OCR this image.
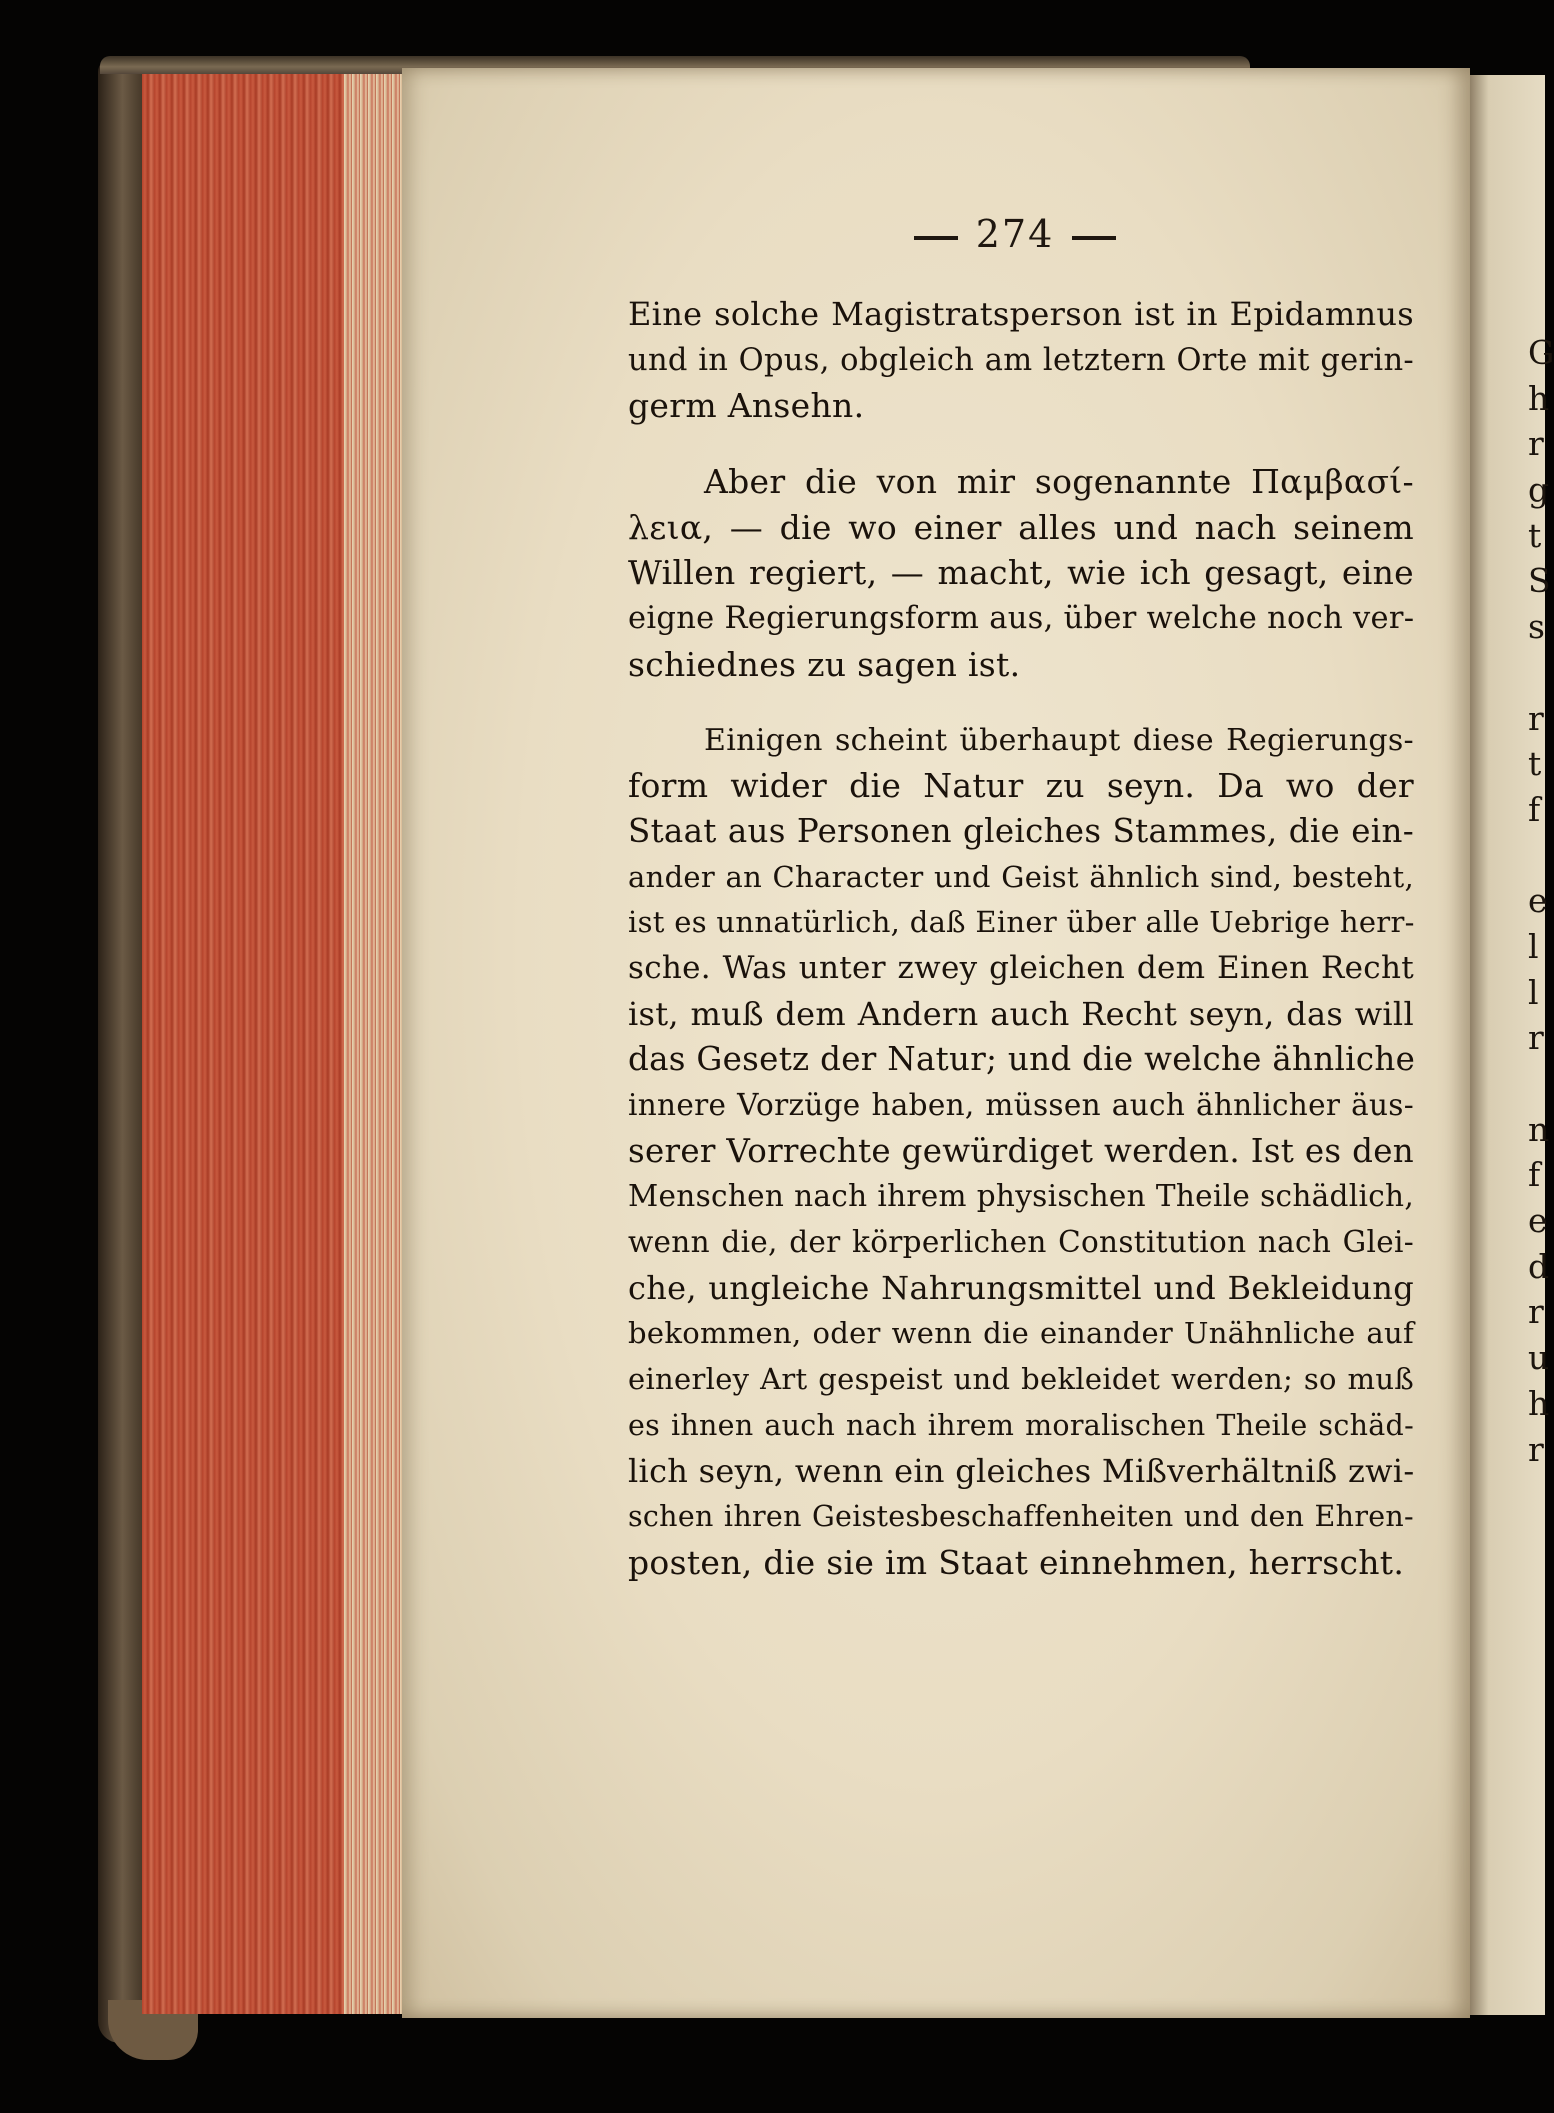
274

Eine solche Magistratsperson ist in Epidamnus
und in Opus, obgleich am letztern Orte mit gerin-
germ Ansehn.

Aber die von mir sogenannte Παμβασί-
λεια, — die wo einer alles und nach seinem
Willen regiert, — macht, wie ich gesagt, eine
eigne Regierungsform aus, über welche noch ver-
schiednes zu sagen ist.

Einigen scheint überhaupt diese Regierungs-
form wider die Natur zu seyn. Da wo der
Staat aus Personen gleiches Stammes, die ein-
ander an Character und Geist ähnlich sind, besteht,
ist es unnatürlich, daß Einer über alle Uebrige herr-
sche. Was unter zwey gleichen dem Einen Recht
ist, muß dem Andern auch Recht seyn, das will
das Gesetz der Natur; und die welche ähnliche
innere Vorzüge haben, müssen auch ähnlicher äus-
serer Vorrechte gewürdiget werden. Ist es den
Menschen nach ihrem physischen Theile schädlich,
wenn die, der körperlichen Constitution nach Glei-
che, ungleiche Nahrungsmittel und Bekleidung
bekommen, oder wenn die einander Unähnliche auf
einerley Art gespeist und bekleidet werden; so muß
es ihnen auch nach ihrem moralischen Theile schäd-
lich seyn, wenn ein gleiches Mißverhältniß zwi-
schen ihren Geistesbeschaffenheiten und den Ehren-
posten, die sie im Staat einnehmen, herrscht.

G
h
r
g
t
S
s
r
t
f
e
l
l
r
n
f
e
d
r
u
h
r
